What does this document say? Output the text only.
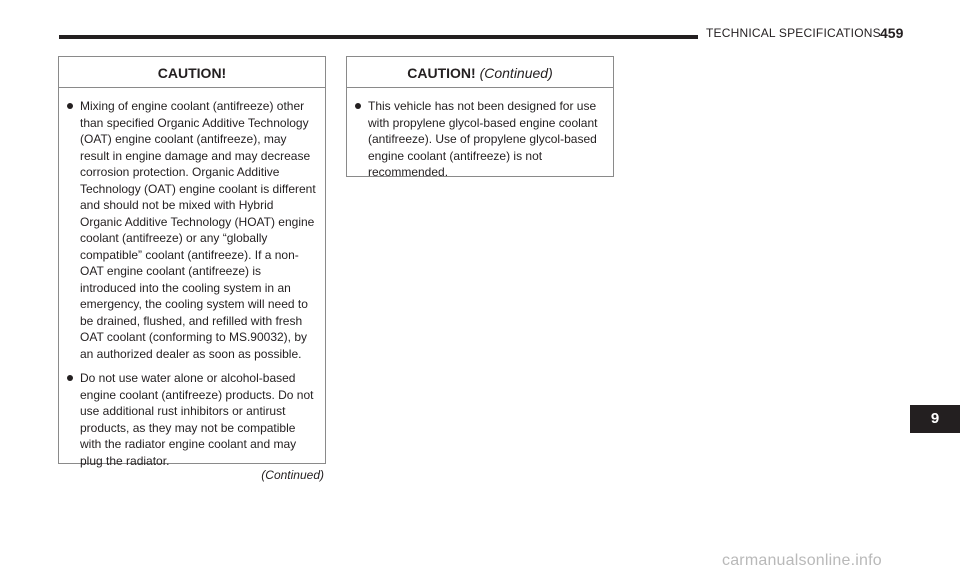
TECHNICAL SPECIFICATIONS 459
CAUTION!
Mixing of engine coolant (antifreeze) other than specified Organic Additive Technology (OAT) engine coolant (antifreeze), may result in engine damage and may decrease corrosion protection. Organic Additive Technology (OAT) engine coolant is different and should not be mixed with Hybrid Organic Additive Technology (HOAT) engine coolant (antifreeze) or any “globally compatible” coolant (antifreeze). If a non-OAT engine coolant (antifreeze) is introduced into the cooling system in an emergency, the cooling system will need to be drained, flushed, and refilled with fresh OAT coolant (conforming to MS.90032), by an authorized dealer as soon as possible.
Do not use water alone or alcohol-based engine coolant (antifreeze) products. Do not use additional rust inhibitors or antirust products, as they may not be compatible with the radiator engine coolant and may plug the radiator.
(Continued)
CAUTION! (Continued)
This vehicle has not been designed for use with propylene glycol-based engine coolant (antifreeze). Use of propylene glycol-based engine coolant (antifreeze) is not recommended.
9
carmanualsonline.info
